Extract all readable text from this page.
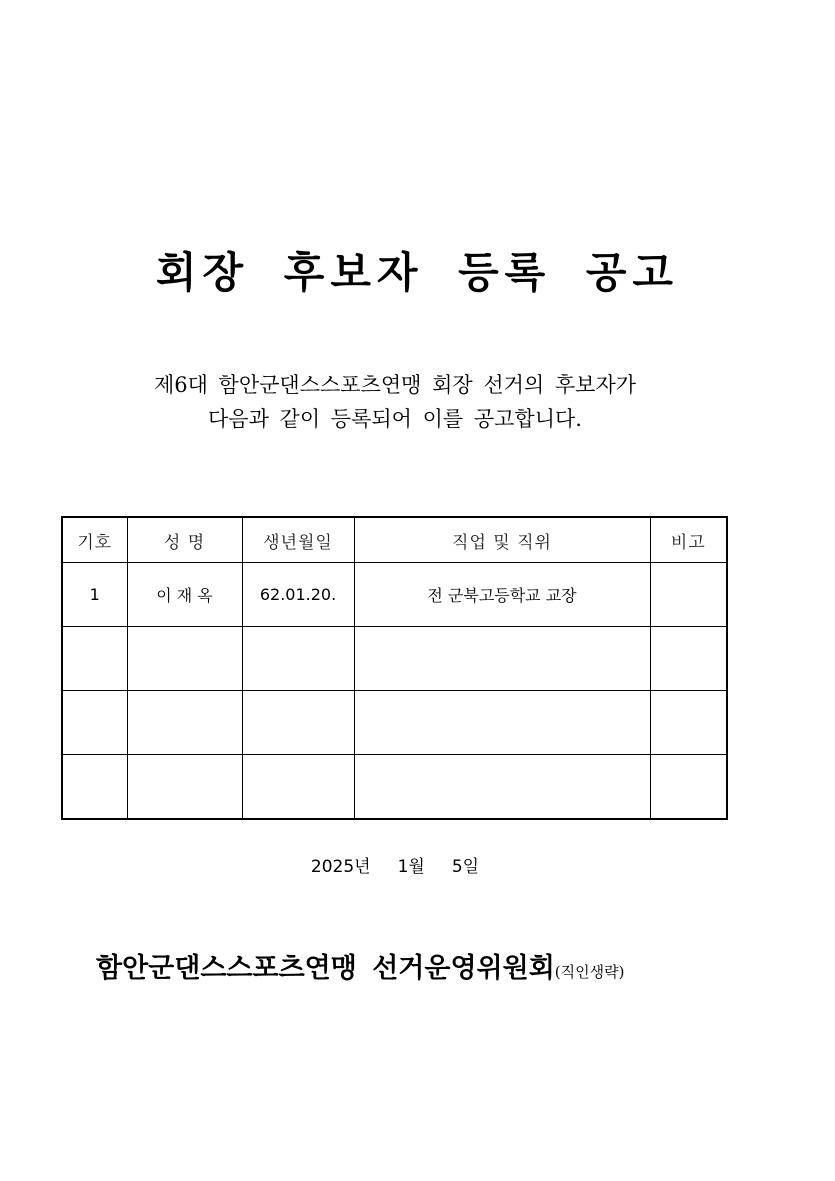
회장 후보자 등록 공고

제6대 함안군댄스스포츠연맹 회장 선거의 후보자가
다음과 같이 등록되어 이를 공고합니다.

기호	성 명	생년월일	직업 및 직위	비고
1	이 재 옥	62.01.20.	전 군북고등학교 교장	

2025년     1월     5일

함안군댄스스포츠연맹 선거운영위원회(직인생략)
